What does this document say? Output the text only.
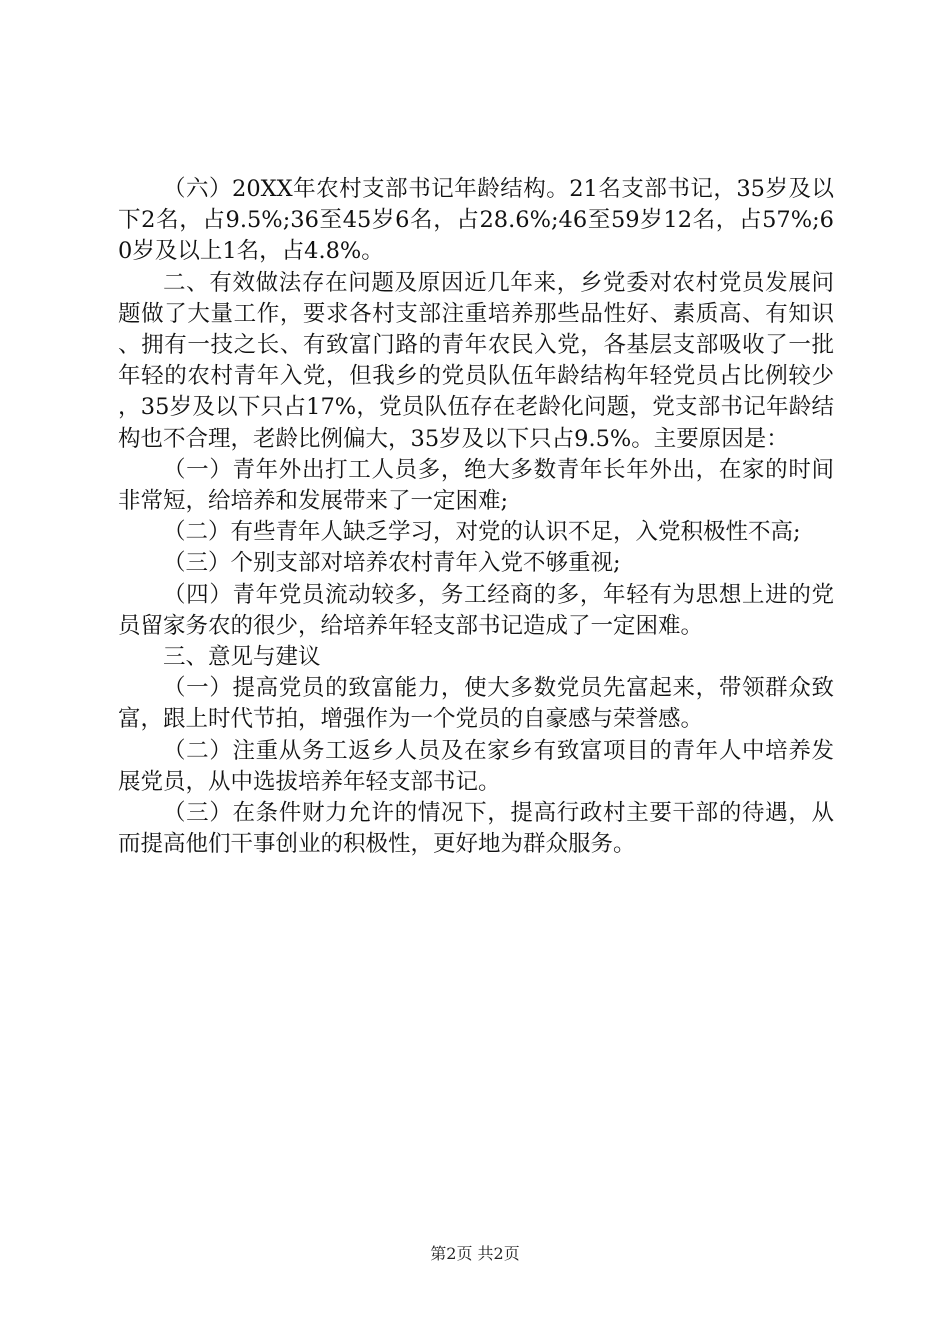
（六）20XX年农村支部书记年龄结构。21名支部书记，35岁及以下2名，占9.5%;36至45岁6名，占28.6%;46至59岁12名，占57%;60岁及以上1名，占4.8%。

二、有效做法存在问题及原因近几年来，乡党委对农村党员发展问题做了大量工作，要求各村支部注重培养那些品性好、素质高、有知识、拥有一技之长、有致富门路的青年农民入党，各基层支部吸收了一批年轻的农村青年入党，但我乡的党员队伍年龄结构年轻党员占比例较少，35岁及以下只占17%，党员队伍存在老龄化问题，党支部书记年龄结构也不合理，老龄比例偏大，35岁及以下只占9.5%。主要原因是：

（一）青年外出打工人员多，绝大多数青年长年外出，在家的时间非常短，给培养和发展带来了一定困难;

（二）有些青年人缺乏学习，对党的认识不足，入党积极性不高;

（三）个别支部对培养农村青年入党不够重视;

（四）青年党员流动较多，务工经商的多，年轻有为思想上进的党员留家务农的很少，给培养年轻支部书记造成了一定困难。

三、意见与建议

（一）提高党员的致富能力，使大多数党员先富起来，带领群众致富，跟上时代节拍，增强作为一个党员的自豪感与荣誉感。

（二）注重从务工返乡人员及在家乡有致富项目的青年人中培养发展党员，从中选拔培养年轻支部书记。

（三）在条件财力允许的情况下，提高行政村主要干部的待遇，从而提高他们干事创业的积极性，更好地为群众服务。

第2页 共2页
